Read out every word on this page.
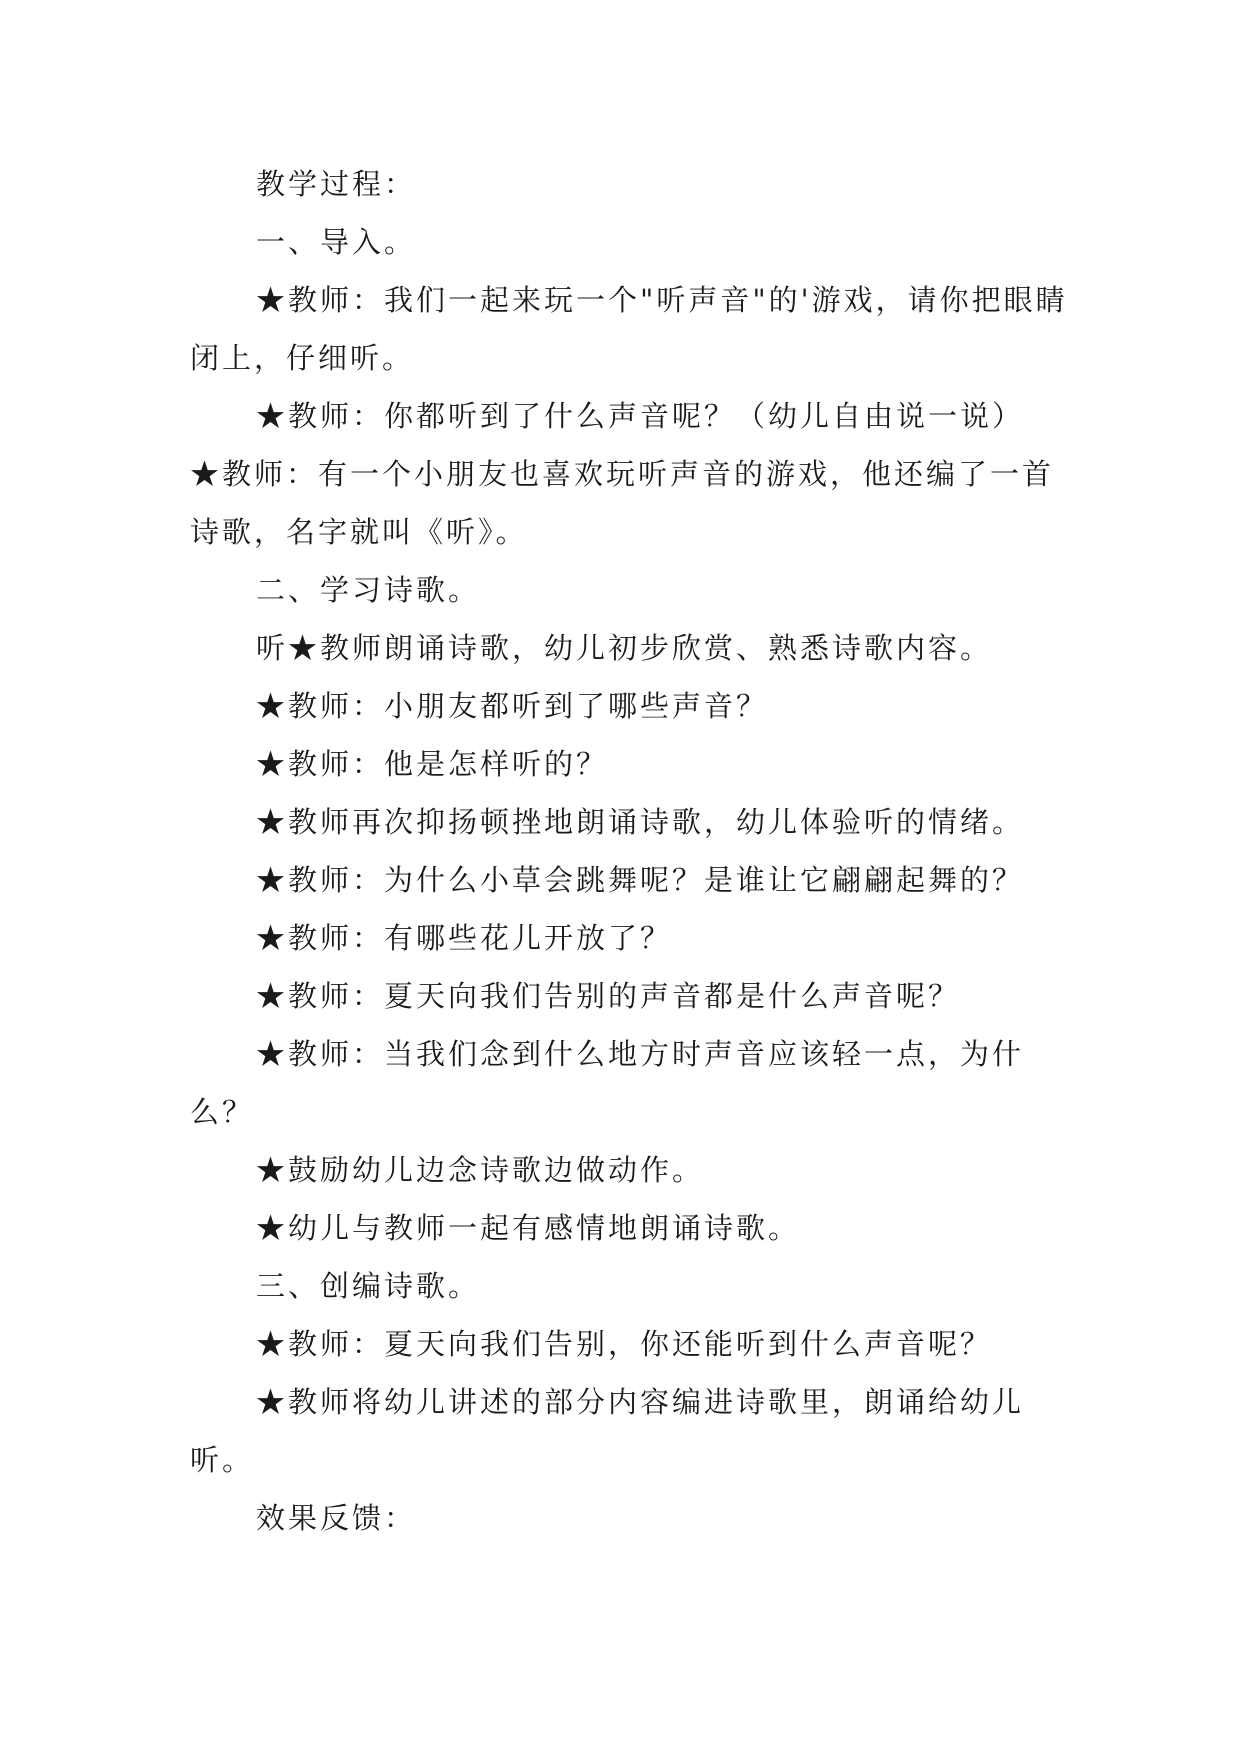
教学过程：

一、导入。

★教师：我们一起来玩一个"听声音"的'游戏，请你把眼睛闭上，仔细听。

★教师：你都听到了什么声音呢？（幼儿自由说一说）

★教师：有一个小朋友也喜欢玩听声音的游戏，他还编了一首诗歌，名字就叫《听》。

二、学习诗歌。

听★教师朗诵诗歌，幼儿初步欣赏、熟悉诗歌内容。

★教师：小朋友都听到了哪些声音？

★教师：他是怎样听的？

★教师再次抑扬顿挫地朗诵诗歌，幼儿体验听的情绪。

★教师：为什么小草会跳舞呢？是谁让它翩翩起舞的？

★教师：有哪些花儿开放了？

★教师：夏天向我们告别的声音都是什么声音呢？

★教师：当我们念到什么地方时声音应该轻一点，为什么？

★鼓励幼儿边念诗歌边做动作。

★幼儿与教师一起有感情地朗诵诗歌。

三、创编诗歌。

★教师：夏天向我们告别，你还能听到什么声音呢？

★教师将幼儿讲述的部分内容编进诗歌里，朗诵给幼儿听。

效果反馈：
